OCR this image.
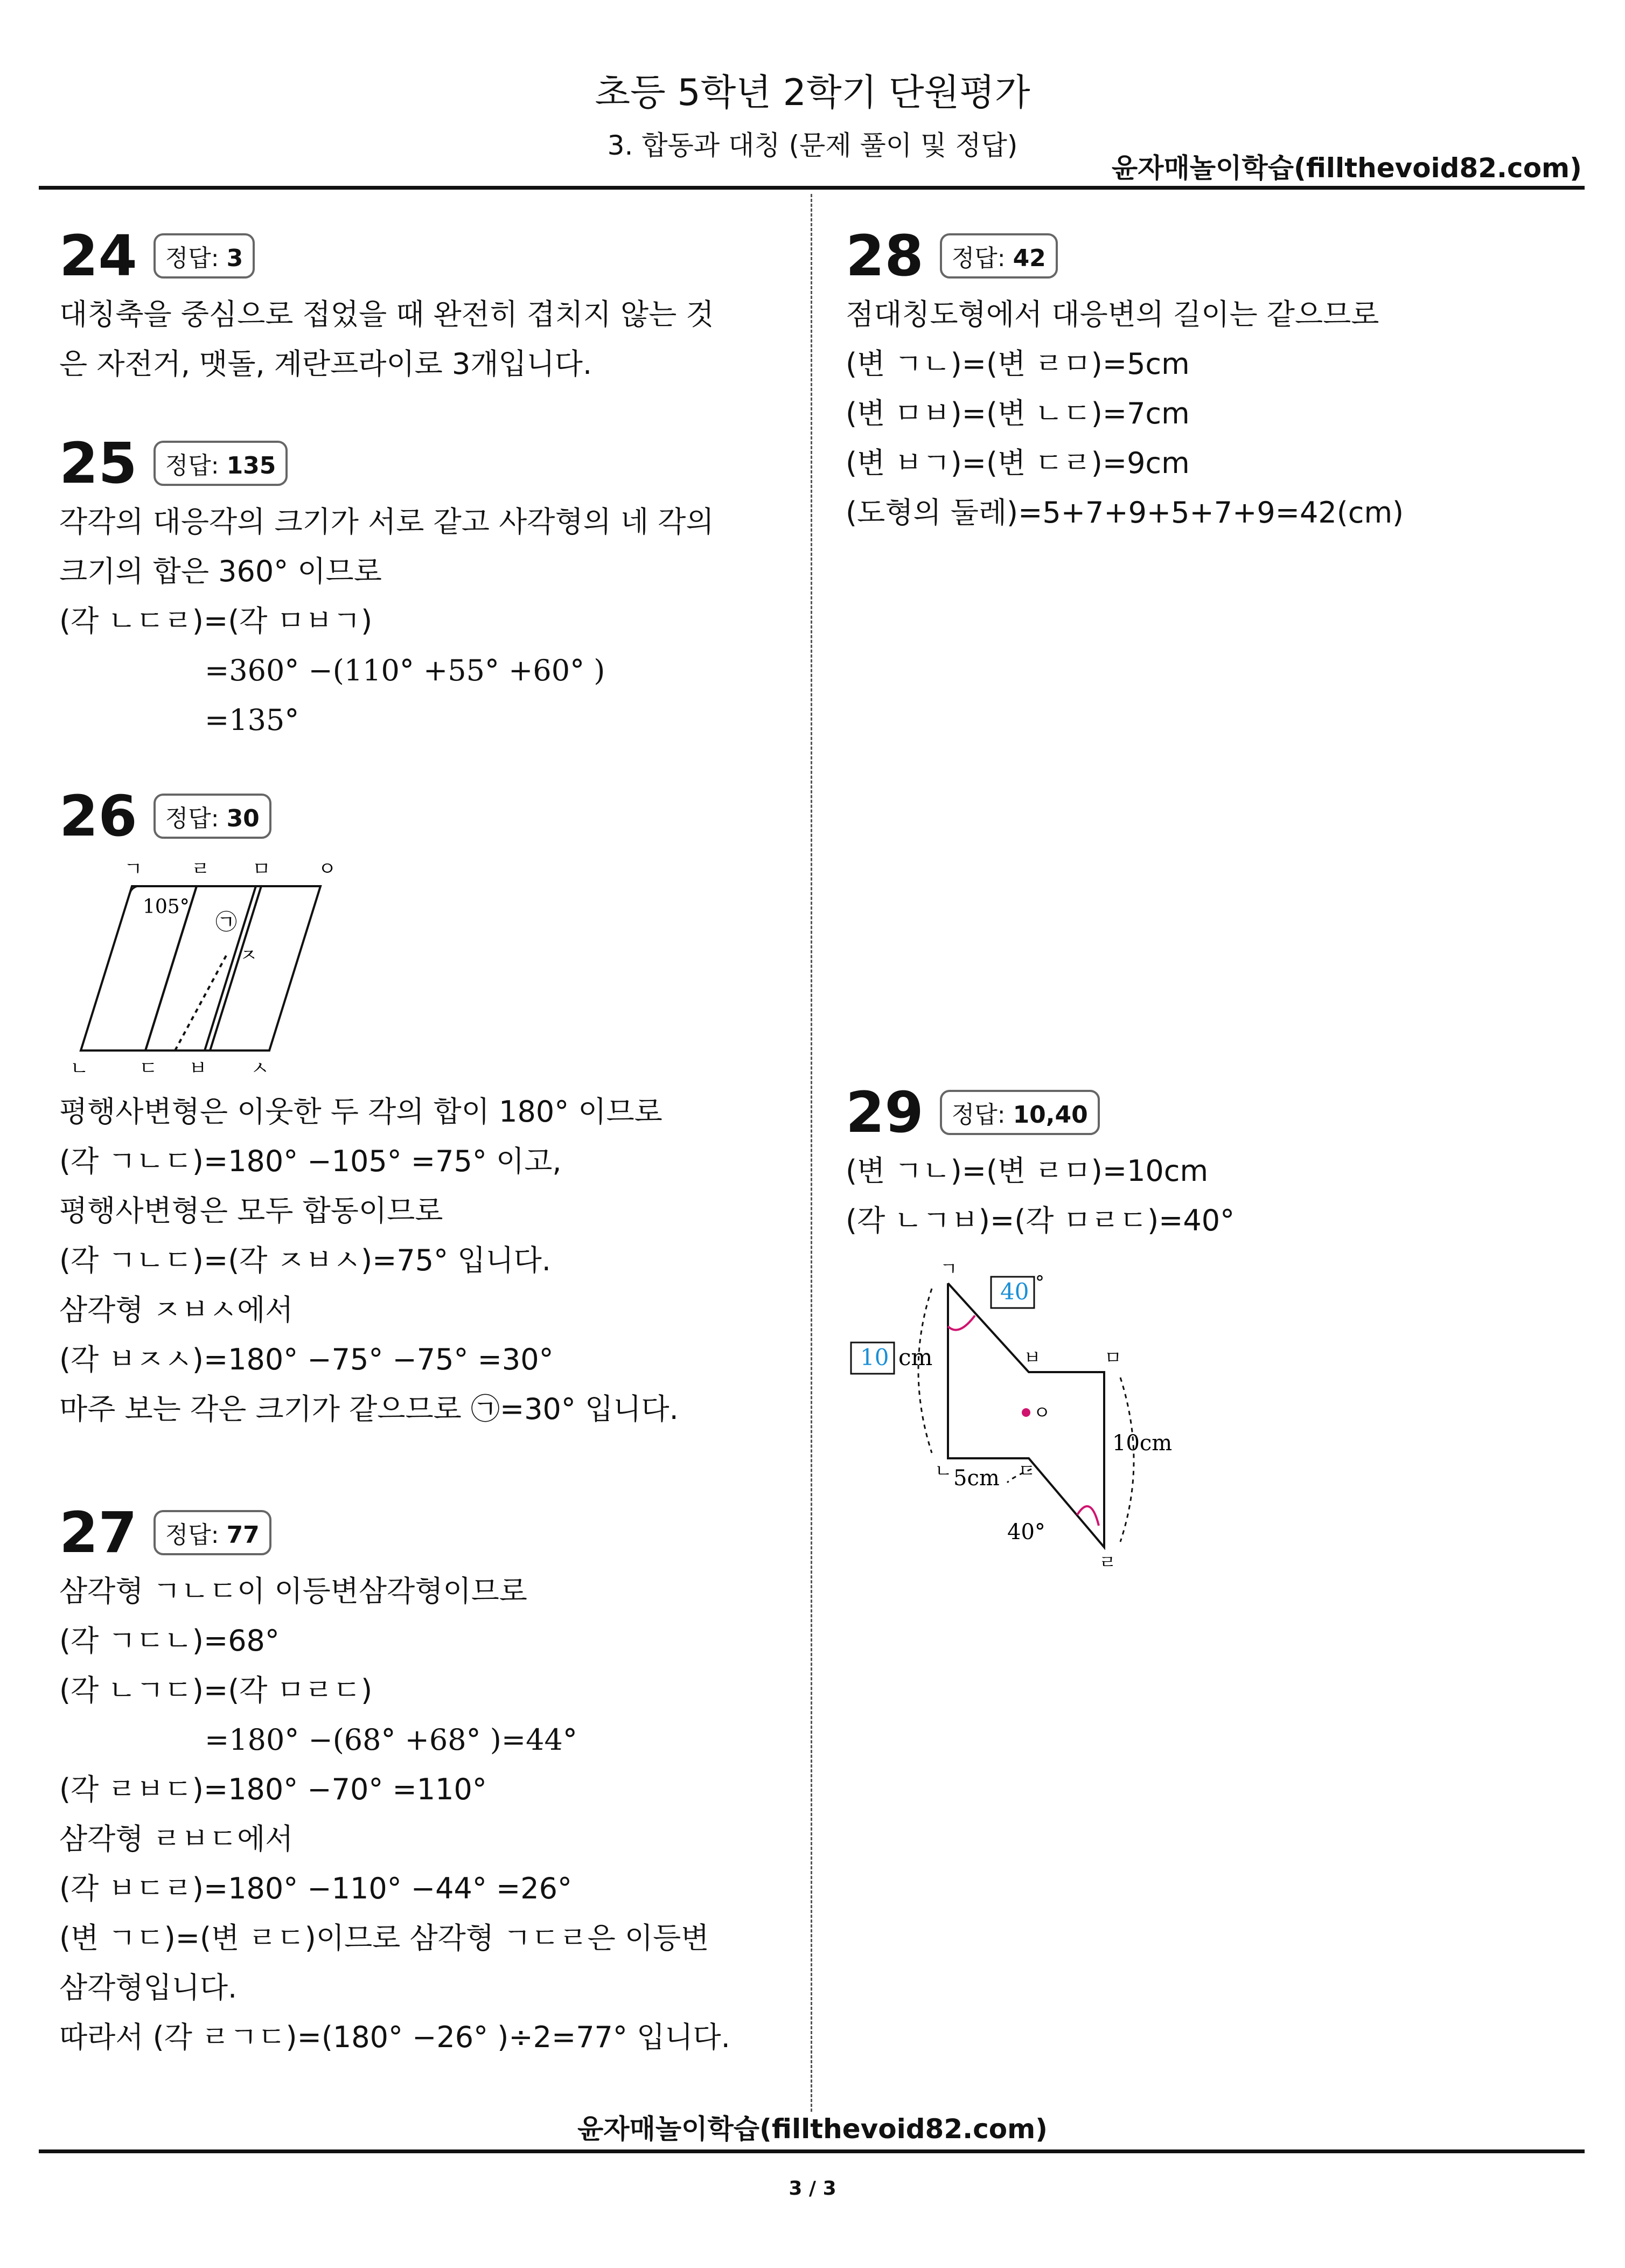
초등 5학년 2학기 단원평가
3. 합동과 대칭 (문제 풀이 및 정답)
윤자매놀이학습(fillthevoid82.com)
24	정답: 3
대칭축을 중심으로 접었을 때 완전히 겹치지 않는 것
은 자전거, 맷돌, 계란프라이로 3개입니다.
25	정답: 135
각각의 대응각의 크기가 서로 같고 사각형의 네 각의
크기의 합은 360° 이므로
(각 ㄴㄷㄹ)=(각 ㅁㅂㄱ)
=360° −(110° +55° +60° )
=135°
26	정답: 30
105°
㉠
ㄱ	ㄹ ㅁ ㅇ
ㄴ	ㄷ ㅂ ㅅ
ㅈ
평행사변형은 이웃한 두 각의 합이 180° 이므로
(각 ㄱㄴㄷ)=180° −105° =75° 이고,
평행사변형은 모두 합동이므로
(각 ㄱㄴㄷ)=(각 ㅈㅂㅅ)=75° 입니다.
삼각형 ㅈㅂㅅ에서
(각 ㅂㅈㅅ)=180° −75° −75° =30°
마주 보는 각은 크기가 같으므로 ㉠=30° 입니다.
27	정답: 77
삼각형 ㄱㄴㄷ이 이등변삼각형이므로
(각 ㄱㄷㄴ)=68°
(각 ㄴㄱㄷ)=(각 ㅁㄹㄷ)
=180° −(68° +68° )=44°
(각 ㄹㅂㄷ)=180° −70° =110°
삼각형 ㄹㅂㄷ에서
(각 ㅂㄷㄹ)=180° −110° −44° =26°
(변 ㄱㄷ)=(변 ㄹㄷ)이므로 삼각형 ㄱㄷㄹ은 이등변
삼각형입니다.
따라서 (각 ㄹㄱㄷ)=(180° −26° )÷2=77° 입니다.
28	정답: 42
점대칭도형에서 대응변의 길이는 같으므로
(변 ㄱㄴ)=(변 ㄹㅁ)=5cm
(변 ㅁㅂ)=(변 ㄴㄷ)=7cm
(변 ㅂㄱ)=(변 ㄷㄹ)=9cm
(도형의 둘레)=5+7+9+5+7+9=42(cm)
29	정답: 10,40
(변 ㄱㄴ)=(변 ㄹㅁ)=10cm
(각 ㄴㄱㅂ)=(각 ㅁㄹㄷ)=40°
40 °
10 cm
5cm
10cm
40°
ㄱ
ㄴ	ㄷ
ㄹ
ㅁ
ㅂ
ㅇ
윤자매놀이학습(fillthevoid82.com)
3 / 3
